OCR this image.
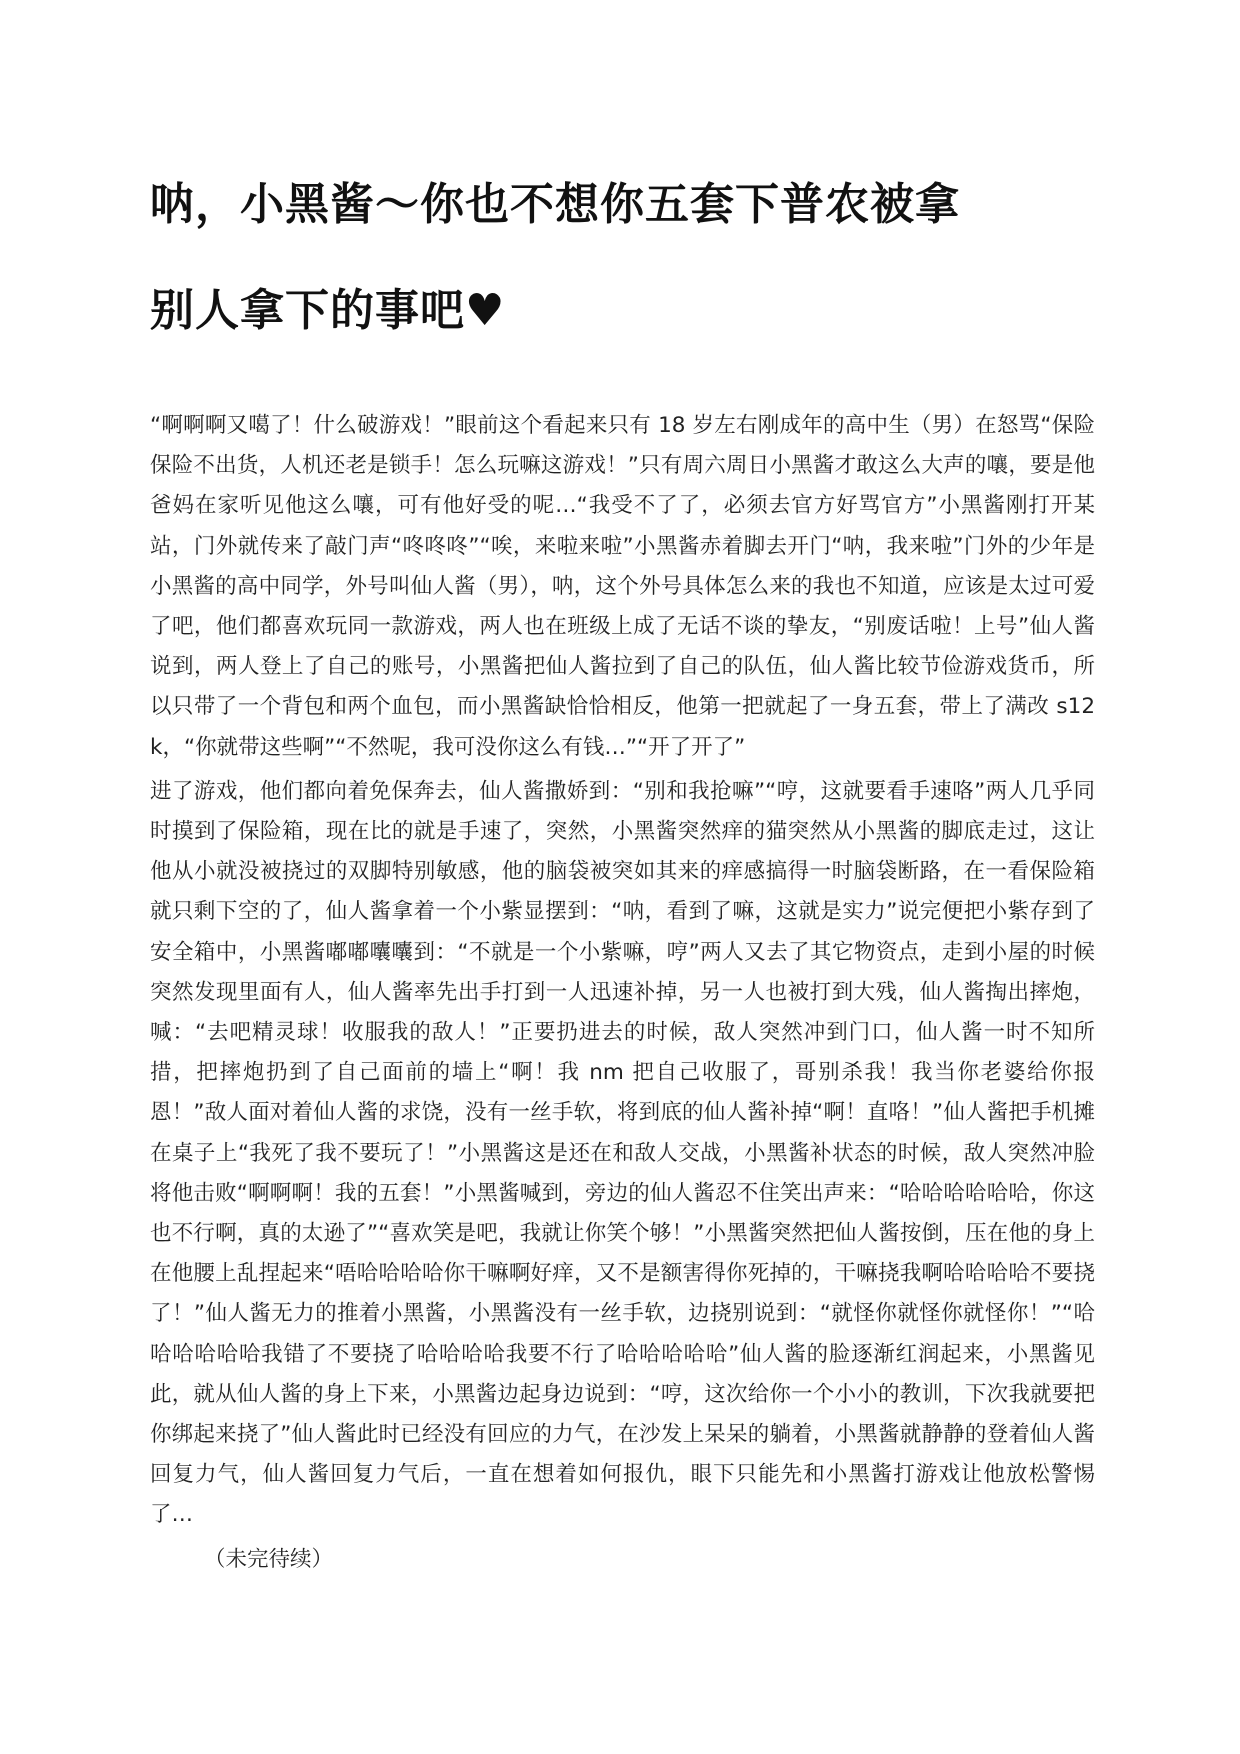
呐，小黑酱～你也不想你五套下普农被拿
别人拿下的事吧♥

“啊啊啊又噶了！什么破游戏！”眼前这个看起来只有 18 岁左右刚成年的高中生（男）在怒骂“保险保险不出货，人机还老是锁手！怎么玩嘛这游戏！”只有周六周日小黑酱才敢这么大声的嚷，要是他爸妈在家听见他这么嚷，可有他好受的呢…“我受不了了，必须去官方好骂官方”小黑酱刚打开某站，门外就传来了敲门声“咚咚咚”“唉，来啦来啦”小黑酱赤着脚去开门“呐，我来啦”门外的少年是小黑酱的高中同学，外号叫仙人酱（男），呐，这个外号具体怎么来的我也不知道，应该是太过可爱了吧，他们都喜欢玩同一款游戏，两人也在班级上成了无话不谈的挚友，“别废话啦！上号”仙人酱说到，两人登上了自己的账号，小黑酱把仙人酱拉到了自己的队伍，仙人酱比较节俭游戏货币，所以只带了一个背包和两个血包，而小黑酱缺恰恰相反，他第一把就起了一身五套，带上了满改 s12k，“你就带这些啊”“不然呢，我可没你这么有钱…”“开了开了”

进了游戏，他们都向着免保奔去，仙人酱撒娇到：“别和我抢嘛”“哼，这就要看手速咯”两人几乎同时摸到了保险箱，现在比的就是手速了，突然，小黑酱突然痒的猫突然从小黑酱的脚底走过，这让他从小就没被挠过的双脚特别敏感，他的脑袋被突如其来的痒感搞得一时脑袋断路，在一看保险箱就只剩下空的了，仙人酱拿着一个小紫显摆到：“呐，看到了嘛，这就是实力”说完便把小紫存到了安全箱中，小黑酱嘟嘟囔囔到：“不就是一个小紫嘛，哼”两人又去了其它物资点，走到小屋的时候突然发现里面有人，仙人酱率先出手打到一人迅速补掉，另一人也被打到大残，仙人酱掏出摔炮，喊：“去吧精灵球！收服我的敌人！”正要扔进去的时候，敌人突然冲到门口，仙人酱一时不知所措，把摔炮扔到了自己面前的墙上“啊！我 nm 把自己收服了，哥别杀我！我当你老婆给你报恩！”敌人面对着仙人酱的求饶，没有一丝手软，将到底的仙人酱补掉“啊！直咯！”仙人酱把手机摊在桌子上“我死了我不要玩了！”小黑酱这是还在和敌人交战，小黑酱补状态的时候，敌人突然冲脸将他击败“啊啊啊！我的五套！”小黑酱喊到，旁边的仙人酱忍不住笑出声来：“哈哈哈哈哈哈，你这也不行啊，真的太逊了”“喜欢笑是吧，我就让你笑个够！”小黑酱突然把仙人酱按倒，压在他的身上在他腰上乱捏起来“唔哈哈哈哈你干嘛啊好痒，又不是额害得你死掉的，干嘛挠我啊哈哈哈哈不要挠了！”仙人酱无力的推着小黑酱，小黑酱没有一丝手软，边挠别说到：“就怪你就怪你就怪你！”“哈哈哈哈哈哈我错了不要挠了哈哈哈哈我要不行了哈哈哈哈哈”仙人酱的脸逐渐红润起来，小黑酱见此，就从仙人酱的身上下来，小黑酱边起身边说到：“哼，这次给你一个小小的教训，下次我就要把你绑起来挠了”仙人酱此时已经没有回应的力气，在沙发上呆呆的躺着，小黑酱就静静的登着仙人酱回复力气，仙人酱回复力气后，一直在想着如何报仇，眼下只能先和小黑酱打游戏让他放松警惕了…

（未完待续）
